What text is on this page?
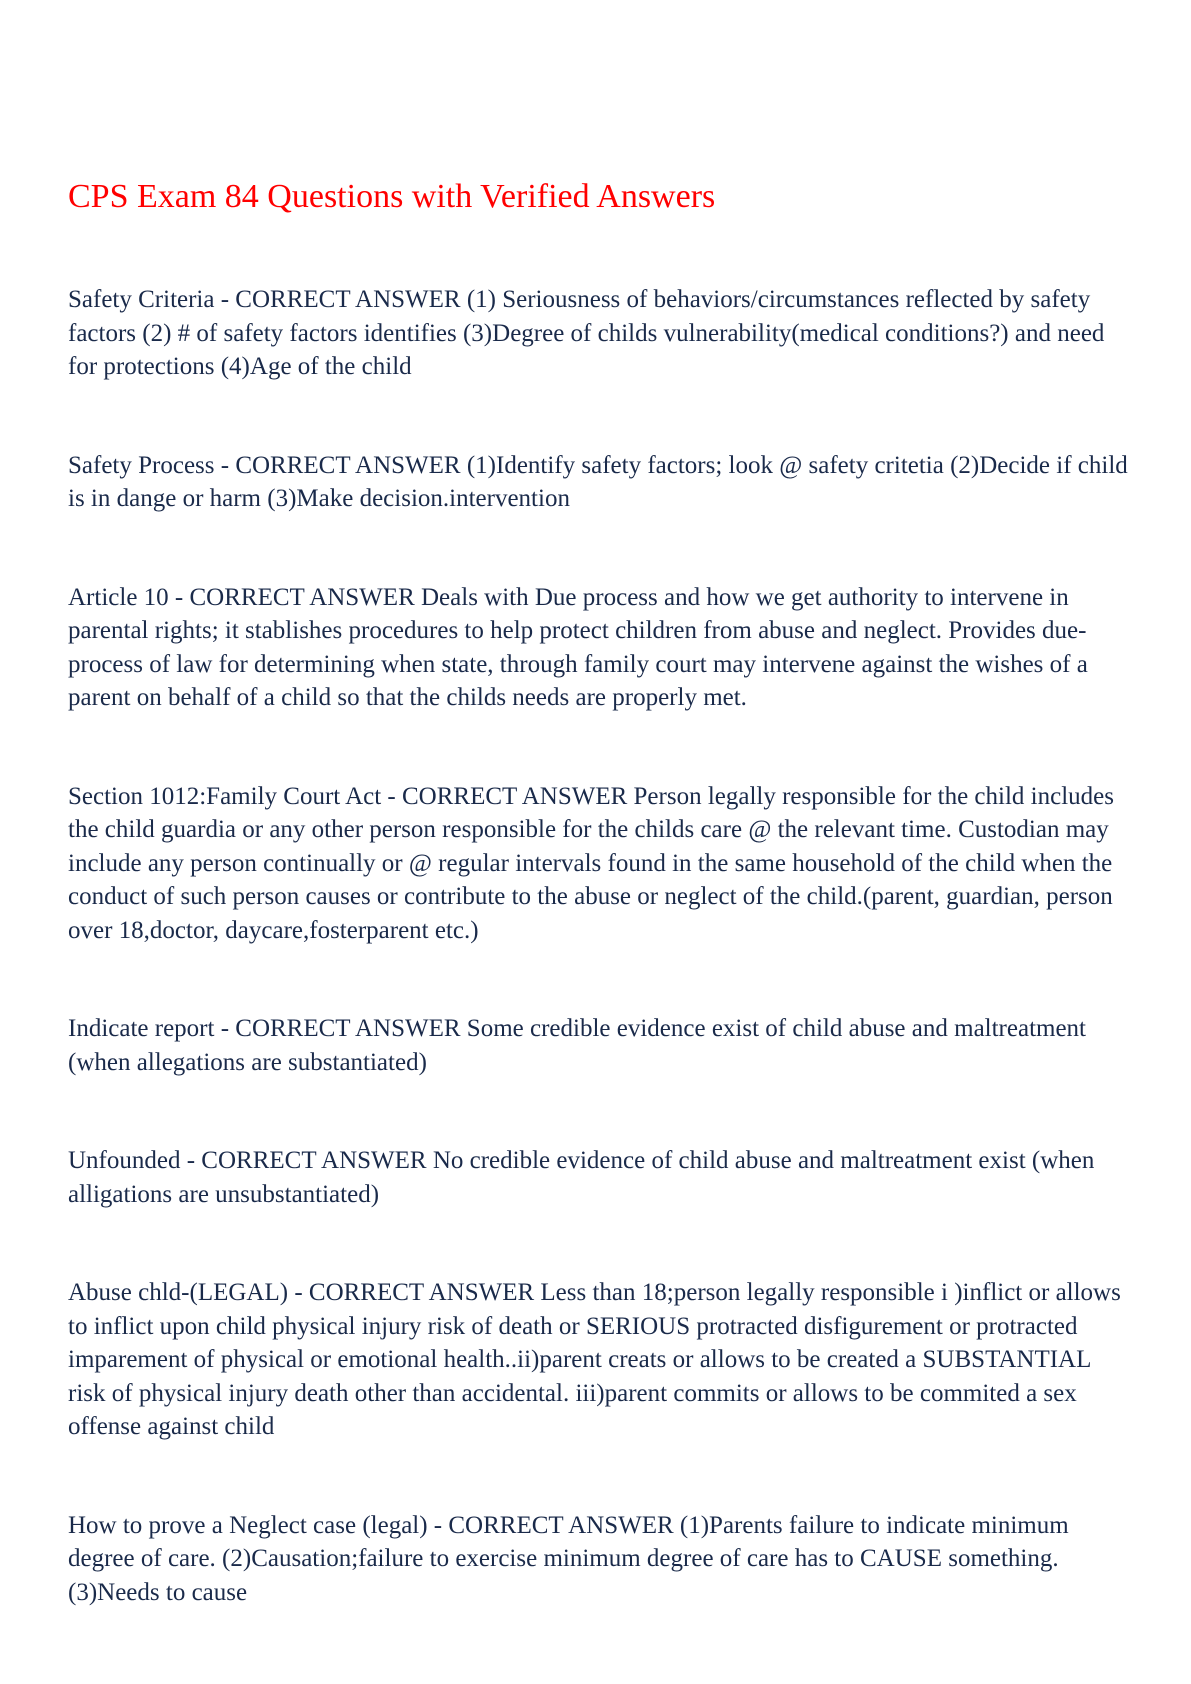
CPS Exam 84 Questions with Verified Answers

Safety Criteria - CORRECT ANSWER (1) Seriousness of behaviors/circumstances reflected by safety factors (2) # of safety factors identifies (3)Degree of childs vulnerability(medical conditions?) and need for protections (4)Age of the child

Safety Process - CORRECT ANSWER (1)Identify safety factors; look @ safety critetia (2)Decide if child is in dange or harm (3)Make decision.intervention

Article 10 - CORRECT ANSWER Deals with Due process and how we get authority to intervene in parental rights; it stablishes procedures to help protect children from abuse and neglect. Provides due-process of law for determining when state, through family court may intervene against the wishes of a parent on behalf of a child so that the childs needs are properly met.

Section 1012:Family Court Act - CORRECT ANSWER Person legally responsible for the child includes the child guardia or any other person responsible for the childs care @ the relevant time. Custodian may include any person continually or @ regular intervals found in the same household of the child when the conduct of such person causes or contribute to the abuse or neglect of the child.(parent, guardian, person over 18,doctor, daycare,fosterparent etc.)

Indicate report - CORRECT ANSWER Some credible evidence exist of child abuse and maltreatment (when allegations are substantiated)

Unfounded - CORRECT ANSWER No credible evidence of child abuse and maltreatment exist (when alligations are unsubstantiated)

Abuse chld-(LEGAL) - CORRECT ANSWER Less than 18;person legally responsible i )inflict or allows to inflict upon child physical injury risk of death or SERIOUS protracted disfigurement or protracted imparement of physical or emotional health..ii)parent creats or allows to be created a SUBSTANTIAL risk of physical injury death other than accidental. iii)parent commits or allows to be commited a sex offense against child

How to prove a Neglect case (legal) - CORRECT ANSWER (1)Parents failure to indicate minimum degree of care. (2)Causation;failure to exercise minimum degree of care has to CAUSE something. (3)Needs to cause
